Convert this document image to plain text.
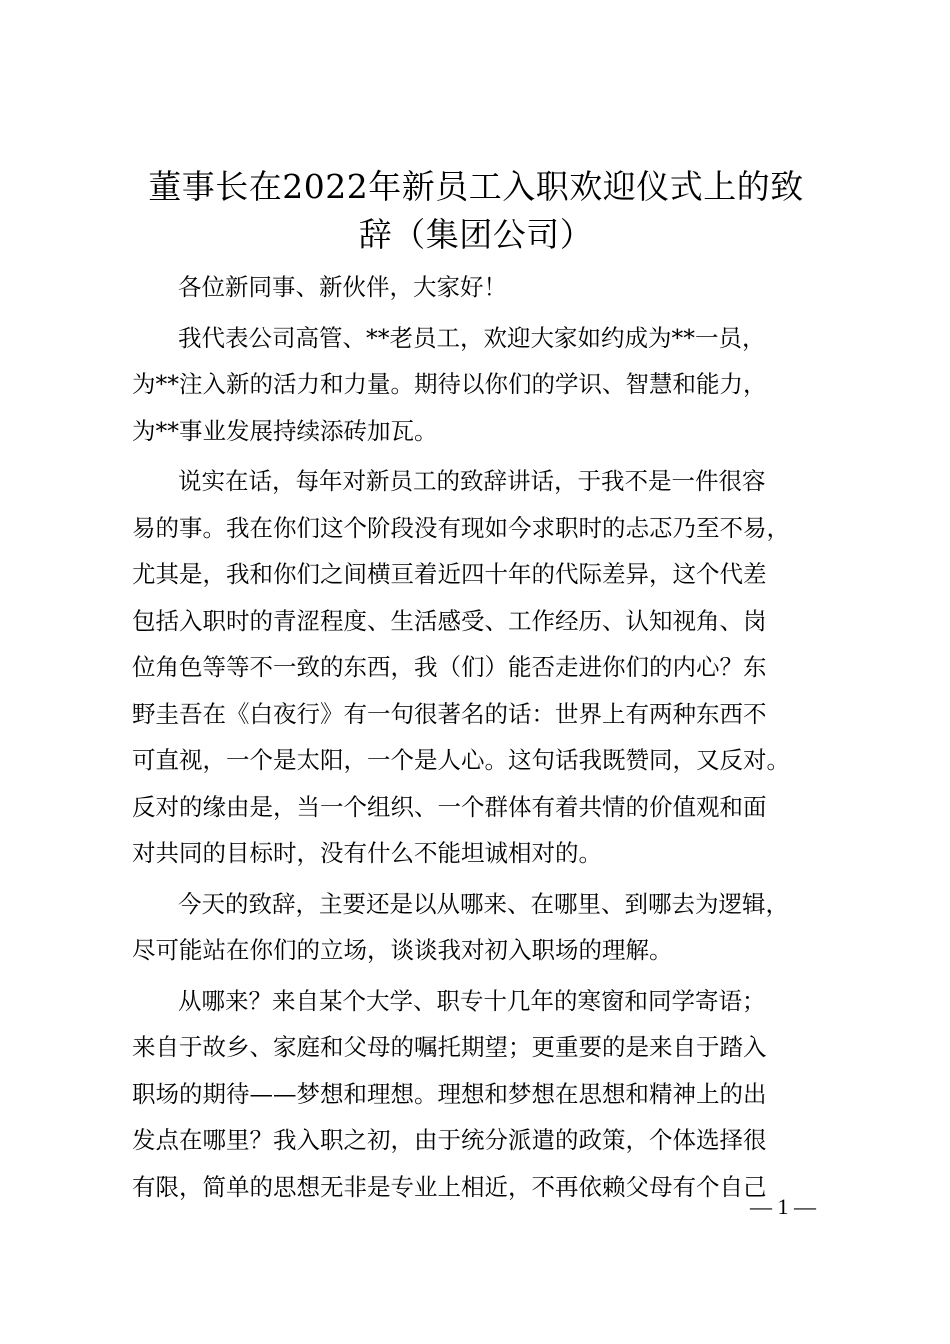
董事长在2022年新员工入职欢迎仪式上的致
辞（集团公司）
各位新同事、新伙伴，大家好！
我代表公司高管、**老员工，欢迎大家如约成为**一员，
为**注入新的活力和力量。期待以你们的学识、智慧和能力，
为**事业发展持续添砖加瓦。
说实在话，每年对新员工的致辞讲话，于我不是一件很容
易的事。我在你们这个阶段没有现如今求职时的忐忑乃至不易，
尤其是，我和你们之间横亘着近四十年的代际差异，这个代差
包括入职时的青涩程度、生活感受、工作经历、认知视角、岗
位角色等等不一致的东西，我（们）能否走进你们的内心？东
野圭吾在《白夜行》有一句很著名的话：世界上有两种东西不
可直视，一个是太阳，一个是人心。这句话我既赞同，又反对。
反对的缘由是，当一个组织、一个群体有着共情的价值观和面
对共同的目标时，没有什么不能坦诚相对的。
今天的致辞，主要还是以从哪来、在哪里、到哪去为逻辑，
尽可能站在你们的立场，谈谈我对初入职场的理解。
从哪来？来自某个大学、职专十几年的寒窗和同学寄语；
来自于故乡、家庭和父母的嘱托期望；更重要的是来自于踏入
职场的期待——梦想和理想。理想和梦想在思想和精神上的出
发点在哪里？我入职之初，由于统分派遣的政策，个体选择很
有限，简单的思想无非是专业上相近，不再依赖父母有个自己
— 1 —
